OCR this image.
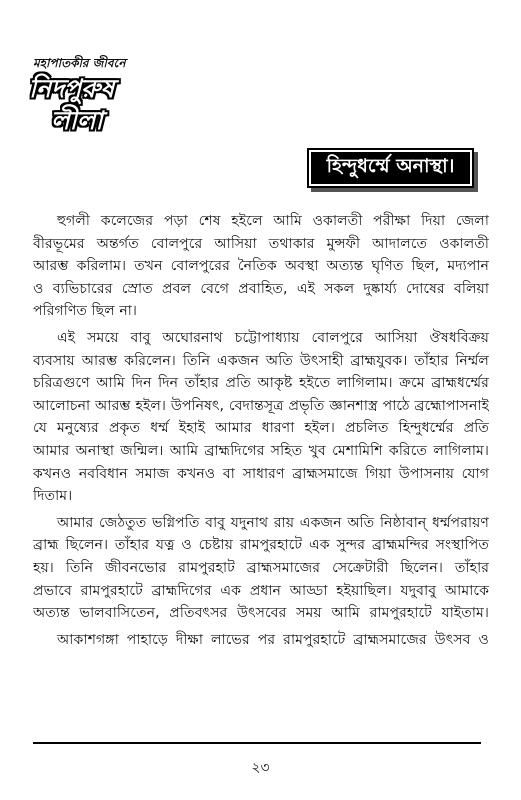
মহাপাতকীর জীবনে
নিদপুরুষ
লীলা
হিন্দুধর্ম্মে অনাস্থা।
হুগলী কলেজের পড়া শেষ হইলে আমি ওকালতী পরীক্ষা দিয়া জেলা
বীরভূমের অন্তর্গত বোলপুরে আসিয়া তথাকার মুন্সফী আদালতে ওকালতী
আরম্ভ করিলাম। তখন বোলপুরের নৈতিক অবস্থা অত্যন্ত ঘৃণিত ছিল, মদ্যপান
ও ব্যভিচারের স্রোত প্রবল বেগে প্রবাহিত, এই সকল দুষ্কার্য্য দোষের বলিয়া
পরিগণিত ছিল না।
এই সময়ে বাবু অঘোরনাথ চট্টোপাধ্যায় বোলপুরে আসিয়া ঔষধবিক্রয়
ব্যবসায় আরম্ভ করিলেন। তিনি একজন অতি উৎসাহী ব্রাহ্মযুবক। তাঁহার নির্ম্মল
চরিত্রগুণে আমি দিন দিন তাঁহার প্রতি আকৃষ্ট হইতে লাগিলাম। ক্রমে ব্রাহ্মধর্ম্মের
আলোচনা আরম্ভ হইল। উপনিষৎ, বেদান্তসূত্র প্রভৃতি জ্ঞানশাস্ত্র পাঠে ব্রহ্মোপাসনাই
যে মনুষ্যের প্রকৃত ধর্ম্ম ইহাই আমার ধারণা হইল। প্রচলিত হিন্দুধর্ম্মের প্রতি
আমার অনাস্থা জন্মিল। আমি ব্রাহ্মদিগের সহিত খুব মেশামিশি করিতে লাগিলাম।
কখনও নববিধান সমাজ কখনও বা সাধারণ ব্রাহ্মসমাজে গিয়া উপাসনায় যোগ
দিতাম।
আমার জেঠতুত ভগ্নিপতি বাবু যদুনাথ রায় একজন অতি নিষ্ঠাবান্ ধর্ম্মপরায়ণ
ব্রাহ্ম ছিলেন। তাঁহার যত্ন ও চেষ্টায় রামপুরহাটে এক সুন্দর ব্রাহ্মমন্দির সংস্থাপিত
হয়। তিনি জীবনভোর রামপুরহাট ব্রাহ্মসমাজের সেক্রেটারী ছিলেন। তাঁহার
প্রভাবে রামপুরহাটে ব্রাহ্মদিগের এক প্রধান আড্ডা হইয়াছিল। যদুবাবু আমাকে
অত্যন্ত ভালবাসিতেন, প্রতিবৎসর উৎসবের সময় আমি রামপুরহাটে যাইতাম।
আকাশগঙ্গা পাহাড়ে দীক্ষা লাভের পর রামপুরহাটে ব্রাহ্মসমাজের উৎসব ও
২৩
